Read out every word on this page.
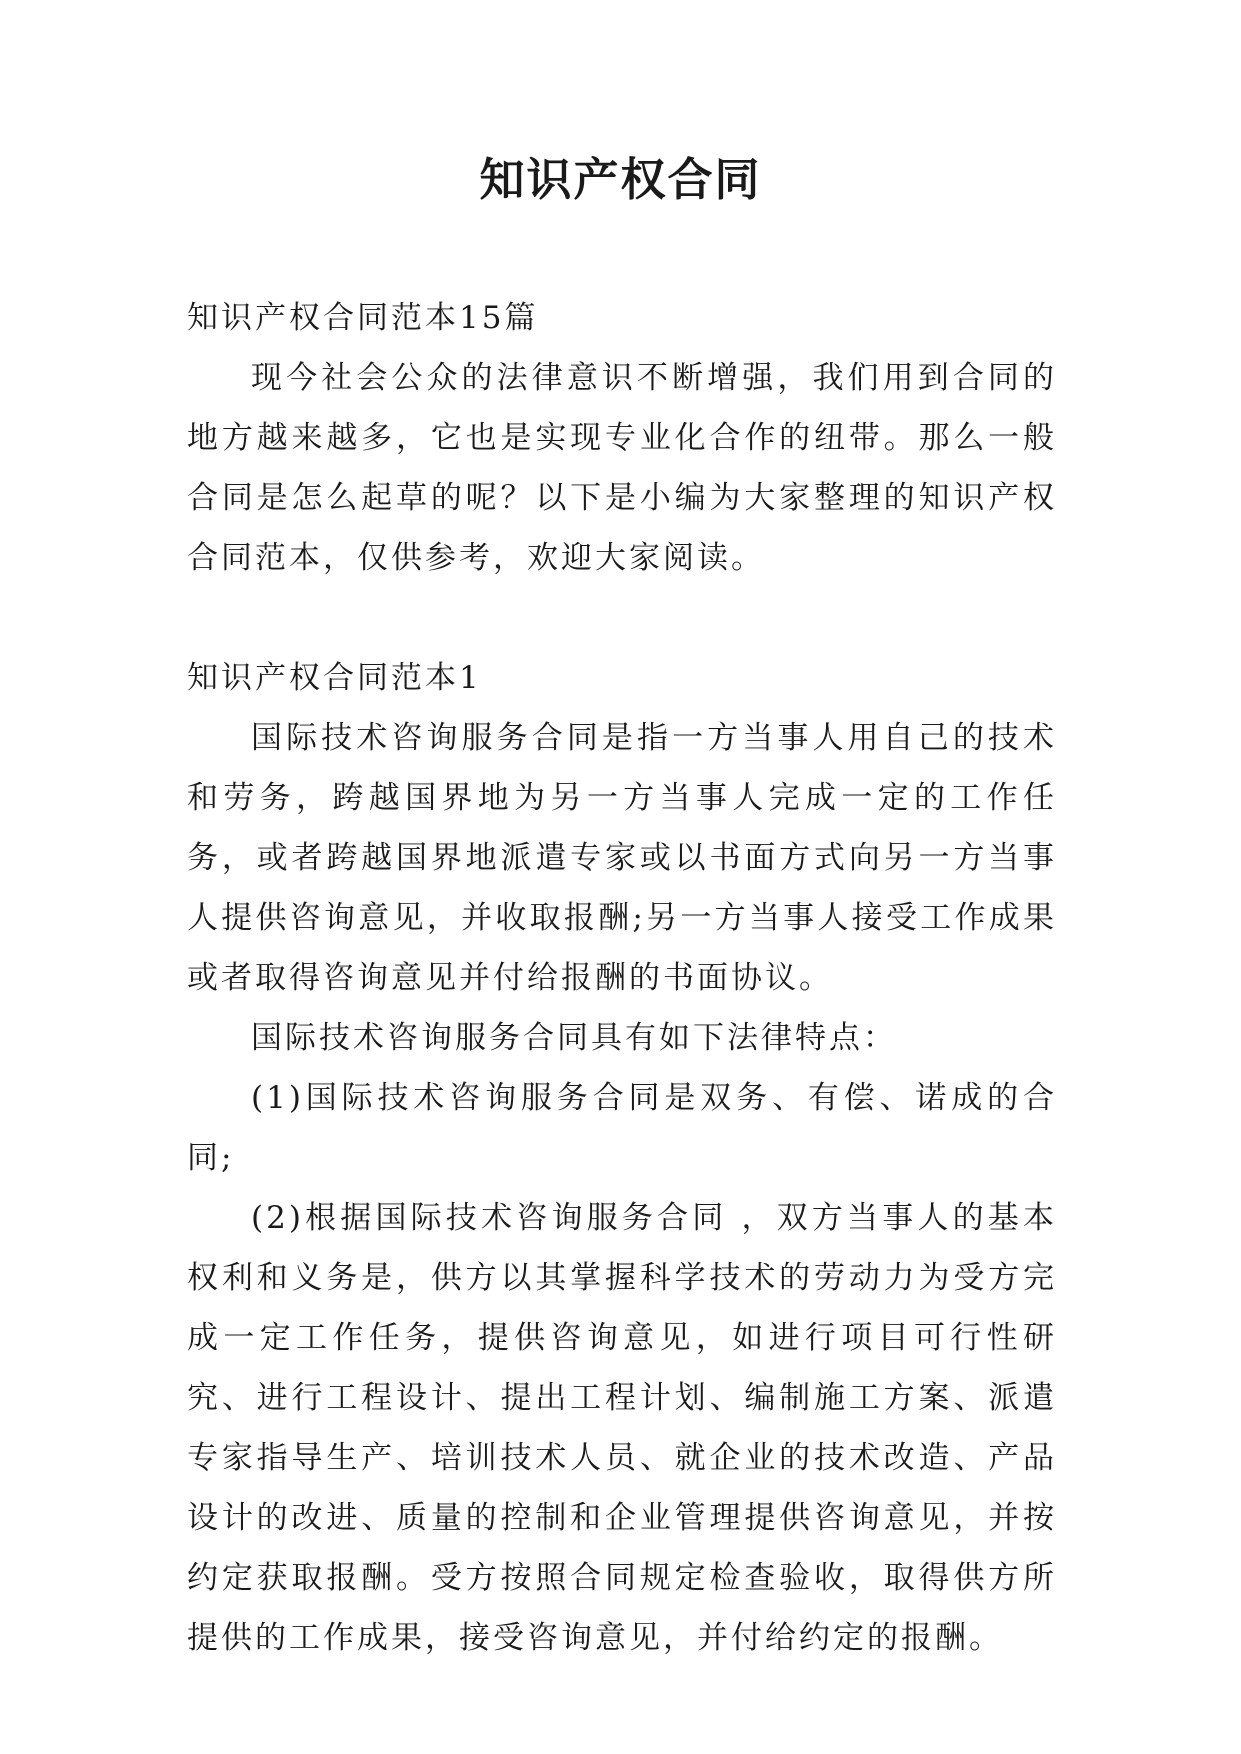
知识产权合同
知识产权合同范本15篇

现今社会公众的法律意识不断增强，我们用到合同的地方越来越多，它也是实现专业化合作的纽带。那么一般合同是怎么起草的呢？以下是小编为大家整理的知识产权合同范本，仅供参考，欢迎大家阅读。

知识产权合同范本1

国际技术咨询服务合同是指一方当事人用自己的技术和劳务，跨越国界地为另一方当事人完成一定的工作任务，或者跨越国界地派遣专家或以书面方式向另一方当事人提供咨询意见，并收取报酬;另一方当事人接受工作成果或者取得咨询意见并付给报酬的书面协议。

国际技术咨询服务合同具有如下法律特点：

(1)国际技术咨询服务合同是双务、有偿、诺成的合同;

(2)根据国际技术咨询服务合同 ，双方当事人的基本权利和义务是，供方以其掌握科学技术的劳动力为受方完成一定工作任务，提供咨询意见，如进行项目可行性研究、进行工程设计、提出工程计划、编制施工方案、派遣专家指导生产、培训技术人员、就企业的技术改造、产品设计的改进、质量的控制和企业管理提供咨询意见，并按约定获取报酬。受方按照合同规定检查验收，取得供方所提供的工作成果，接受咨询意见，并付给约定的报酬。
